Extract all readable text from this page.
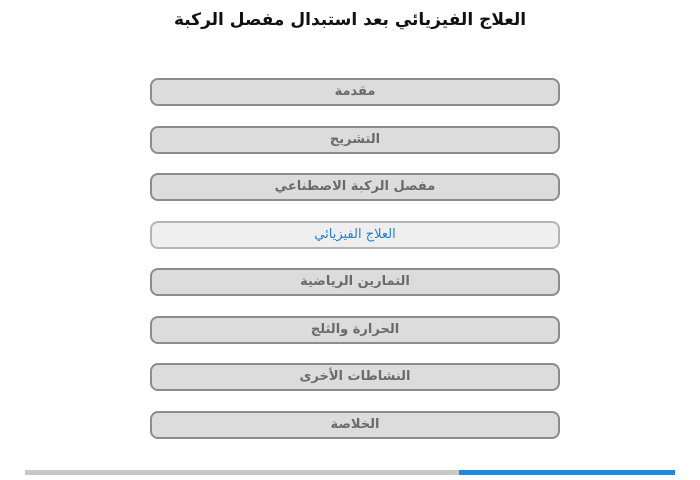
العلاج الفيزيائي بعد استبدال مفصل الركبة
مقدمة
التشريح
مفصل الركبة الاصطناعي
العلاج الفيزيائي
التمارين الرياضية
الحرارة والثلج
النشاطات الأخرى
الخلاصة
